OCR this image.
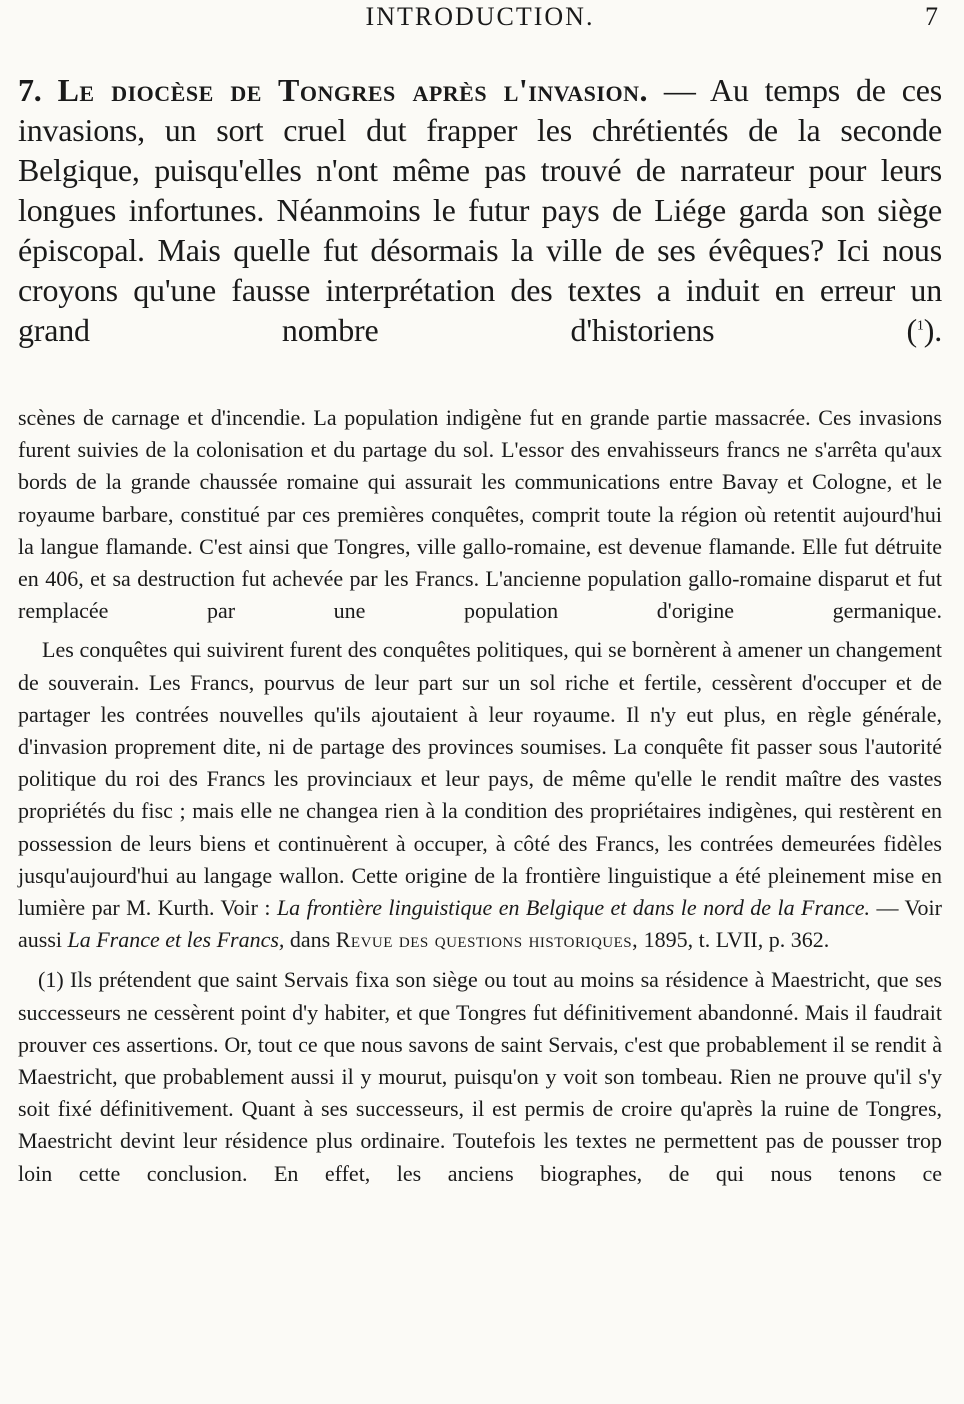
INTRODUCTION.	7
7. Le diocèse de Tongres après l'invasion. — Au temps de ces invasions, un sort cruel dut frapper les chrétientés de la seconde Belgique, puisqu'elles n'ont même pas trouvé de narrateur pour leurs longues infortunes. Néanmoins le futur pays de Liége garda son siège épiscopal. Mais quelle fut désormais la ville de ses évêques? Ici nous croyons qu'une fausse interprétation des textes a induit en erreur un grand nombre d'historiens ($^1$).

scènes de carnage et d'incendie. La population indigène fut en grande partie massacrée. Ces invasions furent suivies de la colonisation et du partage du sol. L'essor des envahisseurs francs ne s'arrêta qu'aux bords de la grande chaussée romaine qui assurait les communications entre Bavay et Cologne, et le royaume barbare, constitué par ces premières conquêtes, comprit toute la région où retentit aujourd'hui la langue flamande. C'est ainsi que Tongres, ville gallo-romaine, est devenue flamande. Elle fut détruite en 406, et sa destruction fut achevée par les Francs. L'ancienne population gallo-romaine disparut et fut remplacée par une population d'origine germanique.

Les conquêtes qui suivirent furent des conquêtes politiques, qui se bornèrent à amener un changement de souverain. Les Francs, pourvus de leur part sur un sol riche et fertile, cessèrent d'occuper et de partager les contrées nouvelles qu'ils ajoutaient à leur royaume. Il n'y eut plus, en règle générale, d'invasion proprement dite, ni de partage des provinces soumises. La conquête fit passer sous l'autorité politique du roi des Francs les provinciaux et leur pays, de même qu'elle le rendit maître des vastes propriétés du fisc ; mais elle ne changea rien à la condition des propriétaires indigènes, qui restèrent en possession de leurs biens et continuèrent à occuper, à côté des Francs, les contrées demeurées fidèles jusqu'aujourd'hui au langage wallon. Cette origine de la frontière linguistique a été pleinement mise en lumière par M. Kurth. Voir : La frontière linguistique en Belgique et dans le nord de la France. — Voir aussi La France et les Francs, dans Revue des questions historiques, 1895, t. LVII, p. 362.

(1) Ils prétendent que saint Servais fixa son siège ou tout au moins sa résidence à Maestricht, que ses successeurs ne cessèrent point d'y habiter, et que Tongres fut définitivement abandonné. Mais il faudrait prouver ces assertions. Or, tout ce que nous savons de saint Servais, c'est que probablement il se rendit à Maestricht, que probablement aussi il y mourut, puisqu'on y voit son tombeau. Rien ne prouve qu'il s'y soit fixé définitivement. Quant à ses successeurs, il est permis de croire qu'après la ruine de Tongres, Maestricht devint leur résidence plus ordinaire. Toutefois les textes ne permettent pas de pousser trop loin cette conclusion. En effet, les anciens biographes, de qui nous tenons ce
